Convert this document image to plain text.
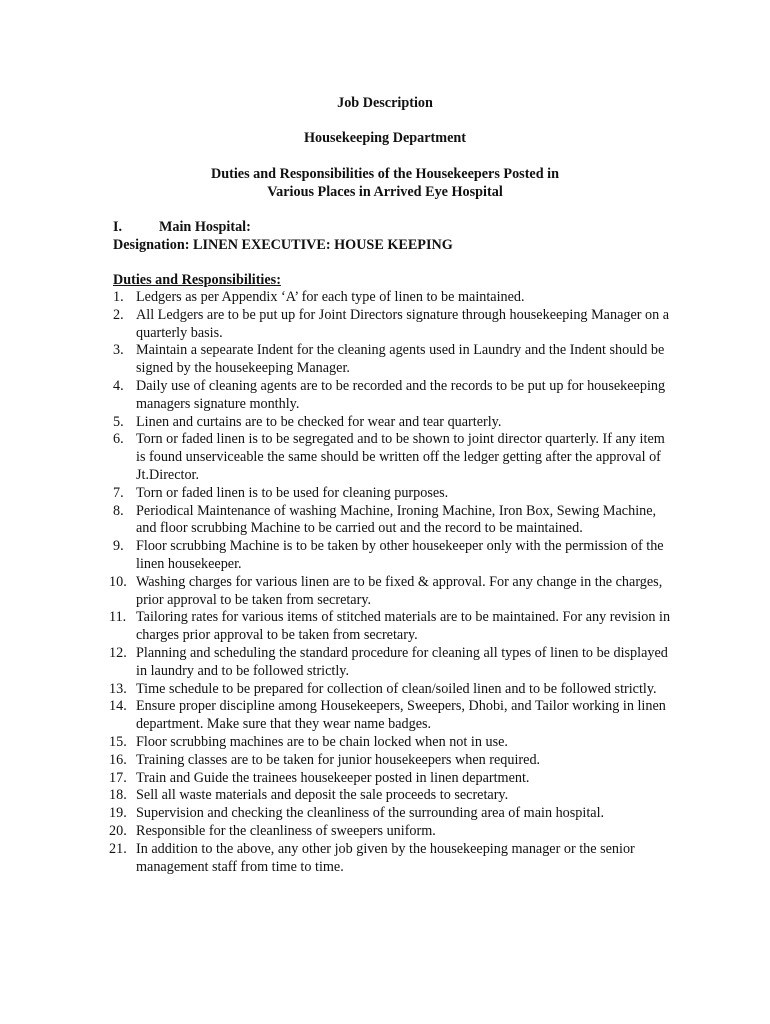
Job Description
Housekeeping Department
Duties and Responsibilities of the Housekeepers Posted in
Various Places in Arrived Eye Hospital
I.	Main Hospital:
Designation: LINEN EXECUTIVE: HOUSE KEEPING
Duties and Responsibilities:
1. Ledgers as per Appendix ‘A’ for each type of linen to be maintained.
2. All Ledgers are to be put up for Joint Directors signature through housekeeping Manager on a quarterly basis.
3. Maintain a sepearate Indent for the cleaning agents used in Laundry and the Indent should be signed by the housekeeping Manager.
4. Daily use of cleaning agents are to be recorded and the records to be put up for housekeeping managers signature monthly.
5. Linen and curtains are to be checked for wear and tear quarterly.
6. Torn or faded linen is to be segregated and to be shown to joint director quarterly. If any item is found unserviceable the same should be written off the ledger getting after the approval of Jt.Director.
7. Torn or faded linen is to be used for cleaning purposes.
8. Periodical Maintenance of washing Machine, Ironing Machine, Iron Box, Sewing Machine, and floor scrubbing Machine to be carried out and the record to be maintained.
9. Floor scrubbing Machine is to be taken by other housekeeper only with the permission of the linen housekeeper.
10. Washing charges for various linen are to be fixed & approval. For any change in the charges, prior approval to be taken from secretary.
11. Tailoring rates for various items of stitched materials are to be maintained. For any revision in charges prior approval to be taken from secretary.
12. Planning and scheduling the standard procedure for cleaning all types of linen to be displayed in laundry and to be followed strictly.
13. Time schedule to be prepared for collection of clean/soiled linen and to be followed strictly.
14. Ensure proper discipline among Housekeepers, Sweepers, Dhobi, and Tailor working in linen department. Make sure that they wear name badges.
15. Floor scrubbing machines are to be chain locked when not in use.
16. Training classes are to be taken for junior housekeepers when required.
17. Train and Guide the trainees housekeeper posted in linen department.
18. Sell all waste materials and deposit the sale proceeds to secretary.
19. Supervision and checking the cleanliness of the surrounding area of main hospital.
20. Responsible for the cleanliness of sweepers uniform.
21. In addition to the above, any other job given by the housekeeping manager or the senior management staff from time to time.
